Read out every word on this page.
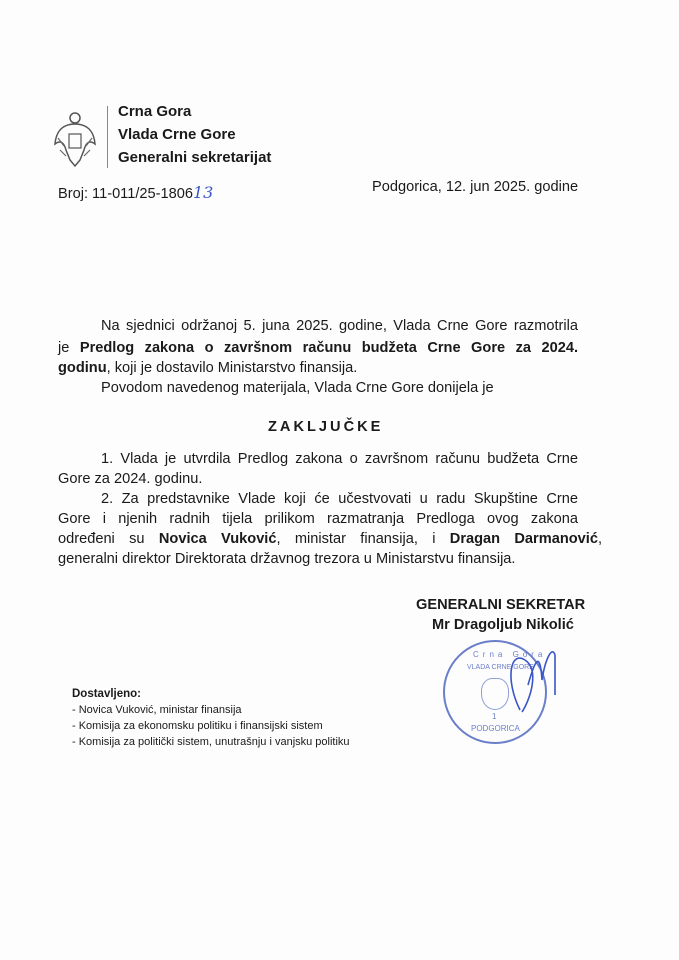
Crna Gora
Vlada Crne Gore
Generalni sekretarijat
Broj: 11-011/25-180613	Podgorica, 12. jun 2025. godine
Na sjednici održanoj 5. juna 2025. godine, Vlada Crne Gore razmotrila
je Predlog zakona o završnom računu budžeta Crne Gore za 2024.
godinu, koji je dostavilo Ministarstvo finansija.
Povodom navedenog materijala, Vlada Crne Gore donijela je
ZAKLJUČKE
1. Vlada je utvrdila Predlog zakona o završnom računu budžeta Crne
Gore za 2024. godinu.
2. Za predstavnike Vlade koji će učestvovati u radu Skupštine Crne
Gore i njenih radnih tijela prilikom razmatranja Predloga ovog zakona
određeni su Novica Vuković, ministar finansija, i Dragan Darmanović,
generalni direktor Direktorata državnog trezora u Ministarstvu finansija.
GENERALNI SEKRETAR
Mr Dragoljub Nikolić
Crna Gora
VLADA CRNE GORE
1
PODGORICA
Dostavljeno:
- Novica Vuković, ministar finansija
- Komisija za ekonomsku politiku i finansijski sistem
- Komisija za politički sistem, unutrašnju i vanjsku politiku
